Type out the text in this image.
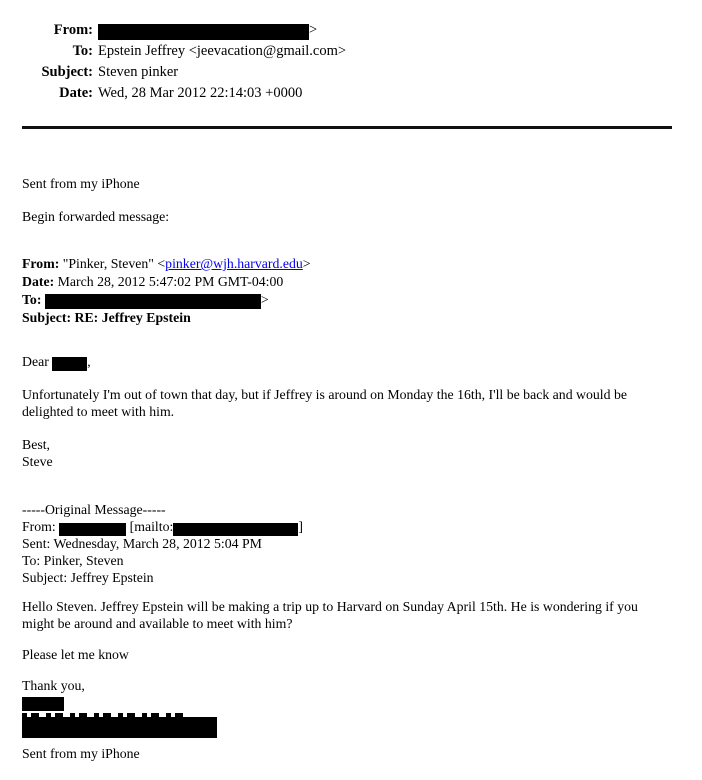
From:	>
To: Epstein Jeffrey <jeevacation@gmail.com>
Subject: Steven pinker
Date: Wed, 28 Mar 2012 22:14:03 +0000
Sent from my iPhone
Begin forwarded message:
From: "Pinker, Steven" <pinker@wjh.harvard.edu>
Date: March 28, 2012 5:47:02 PM GMT-04:00
To:	>
Subject: RE: Jeffrey Epstein
Dear	,
Unfortunately I'm out of town that day, but if Jeffrey is around on Monday the 16th, I'll be back and would be
delighted to meet with him.
Best,
Steve
-----Original Message-----
From:	[mailto:	]
Sent: Wednesday, March 28, 2012 5:04 PM
To: Pinker, Steven
Subject: Jeffrey Epstein
Hello Steven. Jeffrey Epstein will be making a trip up to Harvard on Sunday April 15th. He is wondering if you
might be around and available to meet with him?
Please let me know
Thank you,
Sent from my iPhone
